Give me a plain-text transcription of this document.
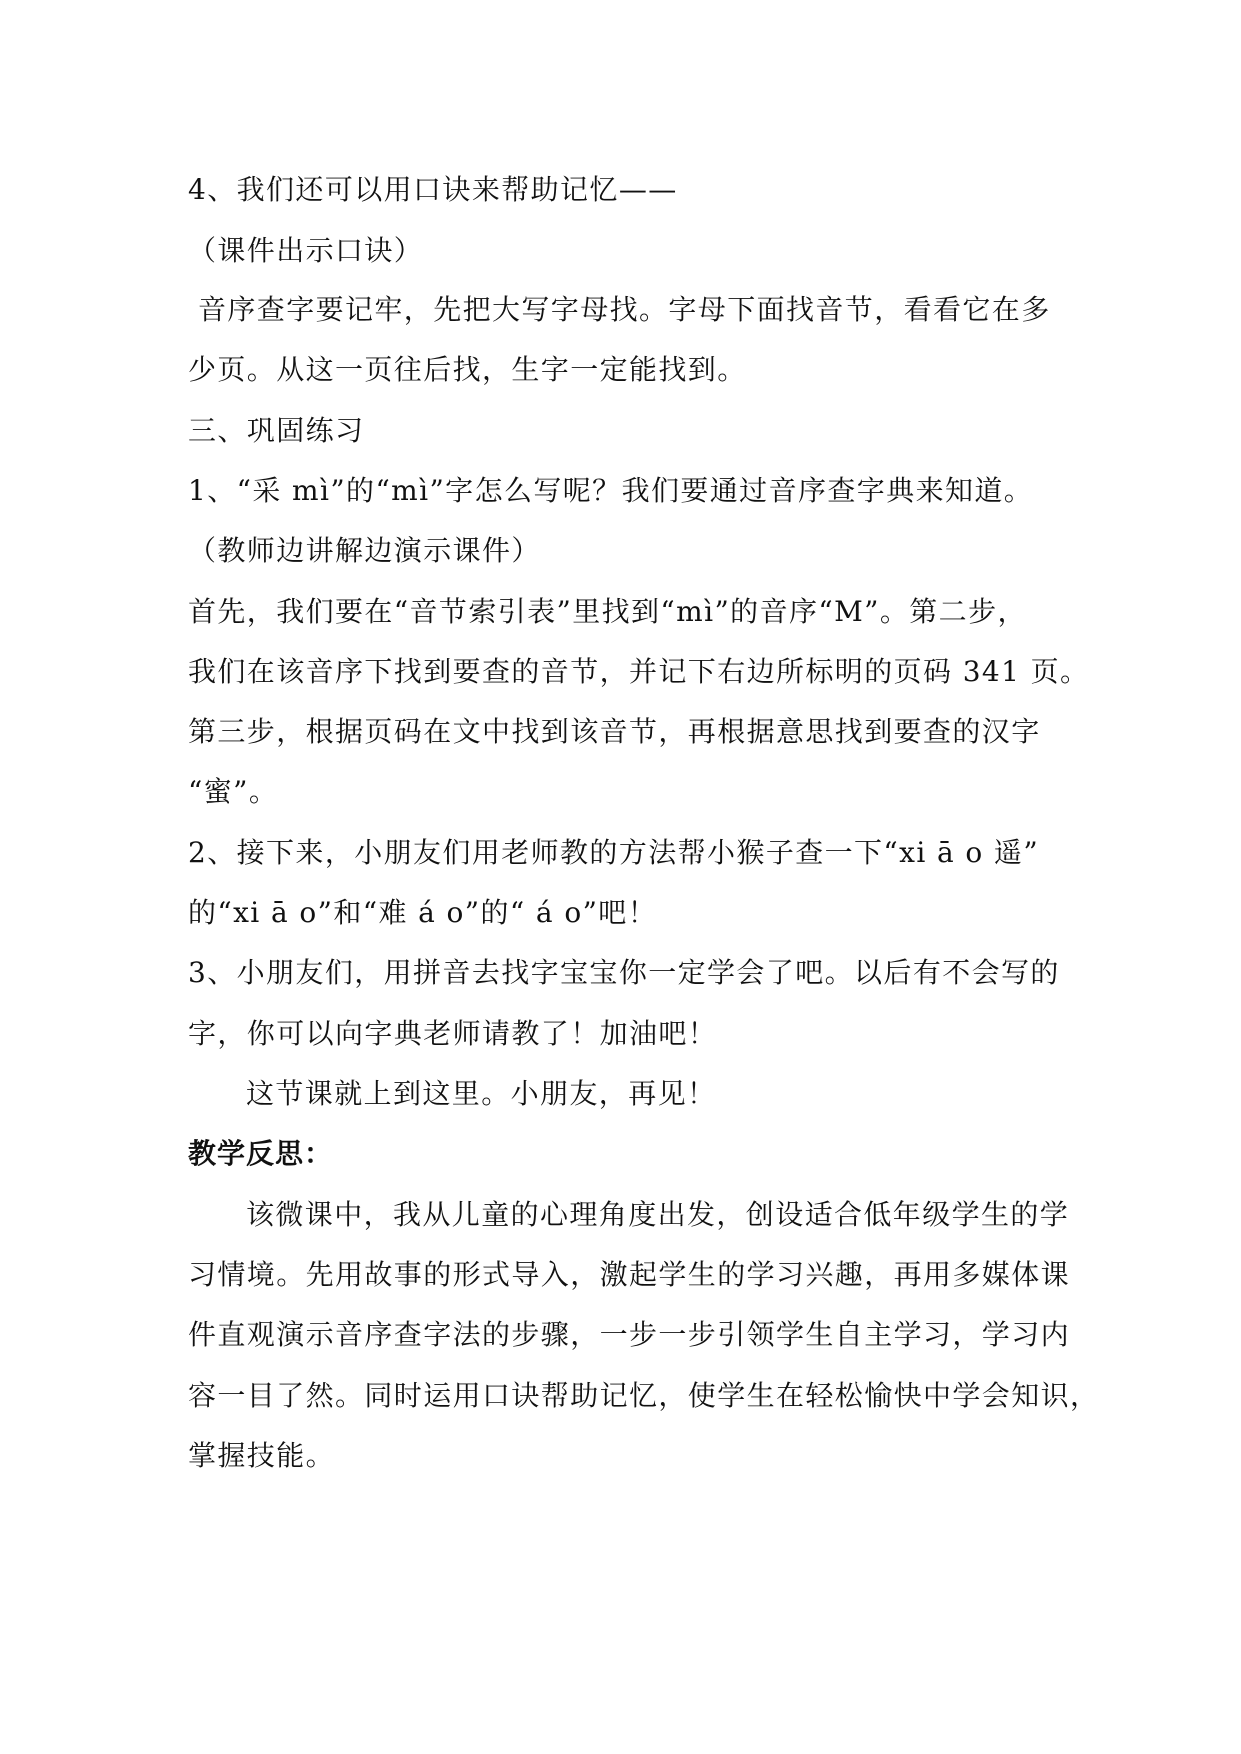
4、我们还可以用口诀来帮助记忆——
（课件出示口诀）
音序查字要记牢，先把大写字母找。字母下面找音节，看看它在多
少页。从这一页往后找，生字一定能找到。
三、巩固练习
1、“采 mì”的“mì”字怎么写呢？我们要通过音序查字典来知道。
（教师边讲解边演示课件）
首先，我们要在“音节索引表”里找到“mì”的音序“M”。第二步，
我们在该音序下找到要查的音节，并记下右边所标明的页码 341 页。
第三步，根据页码在文中找到该音节，再根据意思找到要查的汉字
“蜜”。
2、接下来，小朋友们用老师教的方法帮小猴子查一下“xi ā o 遥”
的“xi ā o”和“难 á o”的“ á o”吧！
3、小朋友们，用拼音去找字宝宝你一定学会了吧。以后有不会写的
字，你可以向字典老师请教了！加油吧！
这节课就上到这里。小朋友，再见！
教学反思：
该微课中，我从儿童的心理角度出发，创设适合低年级学生的学
习情境。先用故事的形式导入，激起学生的学习兴趣，再用多媒体课
件直观演示音序查字法的步骤，一步一步引领学生自主学习，学习内
容一目了然。同时运用口诀帮助记忆，使学生在轻松愉快中学会知识，
掌握技能。
